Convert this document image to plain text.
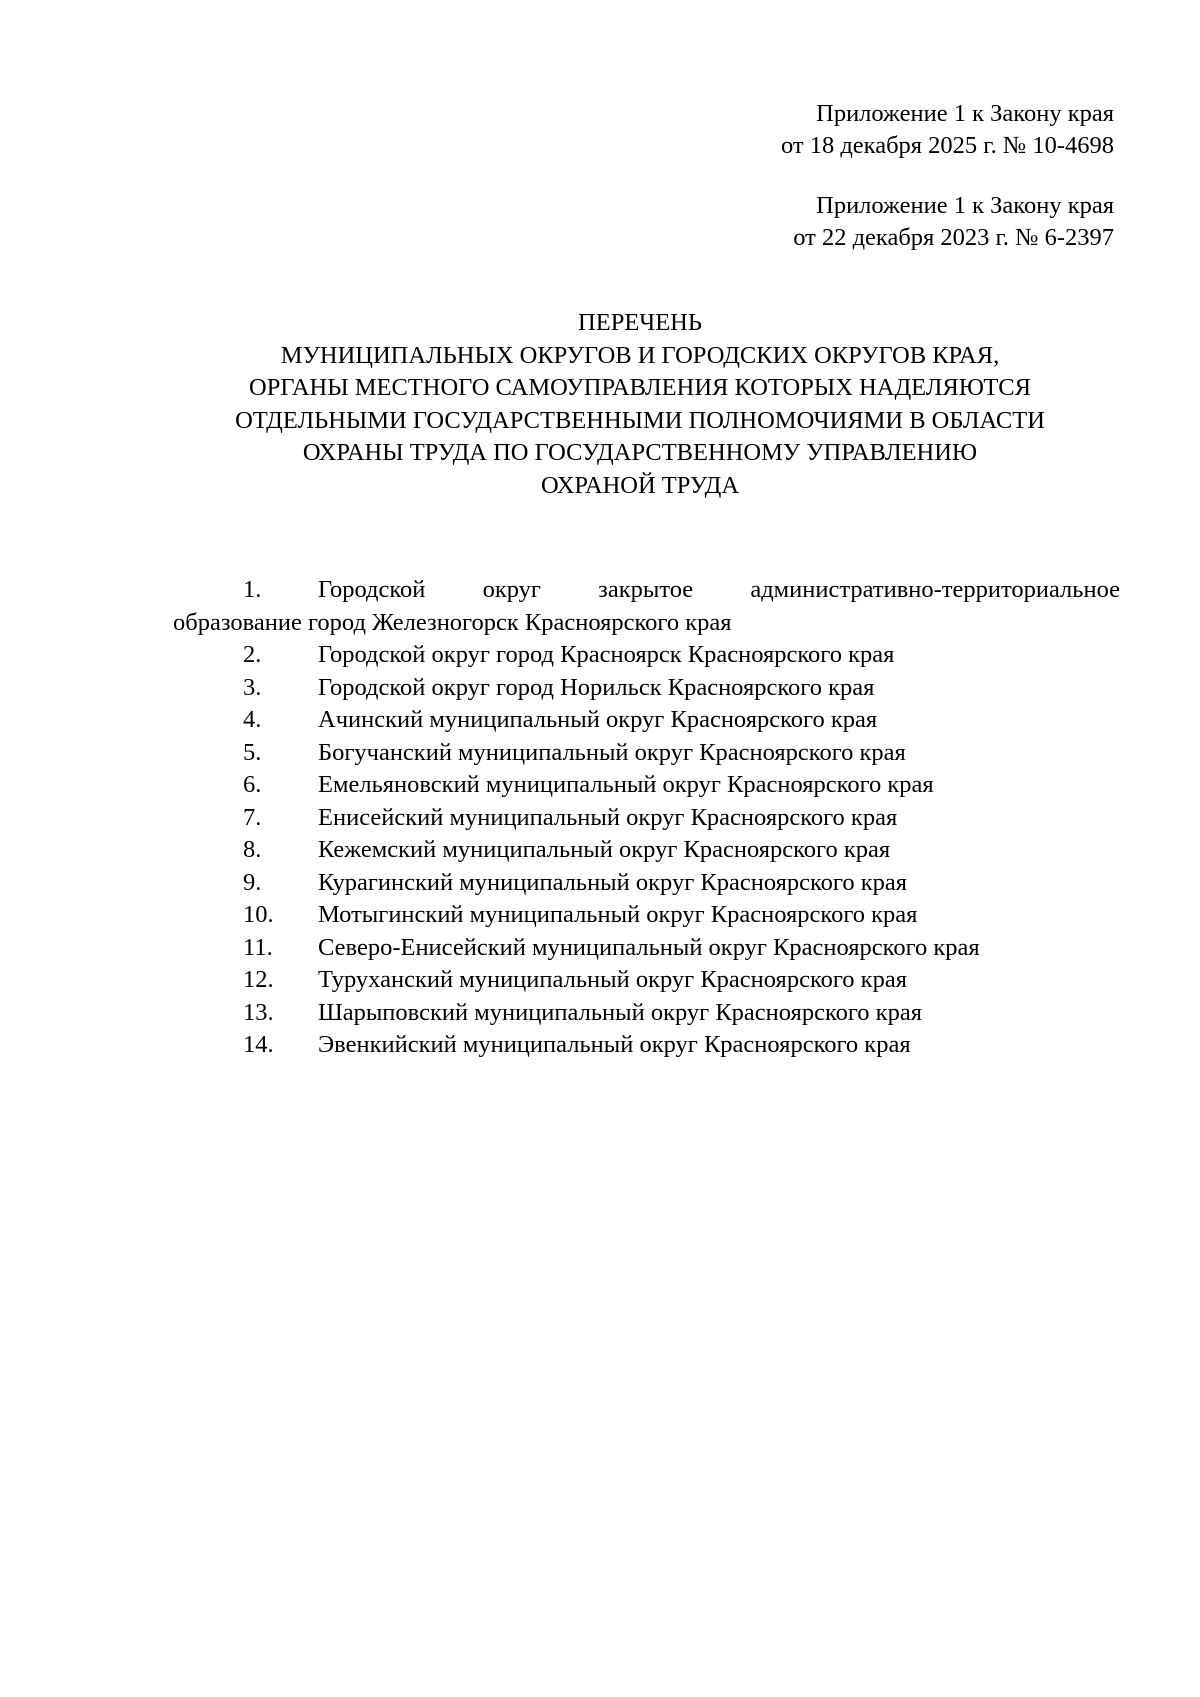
Приложение 1 к Закону края
от 18 декабря 2025 г. № 10-4698
Приложение 1 к Закону края
от 22 декабря 2023 г. № 6-2397
ПЕРЕЧЕНЬ
МУНИЦИПАЛЬНЫХ ОКРУГОВ И ГОРОДСКИХ ОКРУГОВ КРАЯ,
ОРГАНЫ МЕСТНОГО САМОУПРАВЛЕНИЯ КОТОРЫХ НАДЕЛЯЮТСЯ
ОТДЕЛЬНЫМИ ГОСУДАРСТВЕННЫМИ ПОЛНОМОЧИЯМИ В ОБЛАСТИ
ОХРАНЫ ТРУДА ПО ГОСУДАРСТВЕННОМУ УПРАВЛЕНИЮ
ОХРАНОЙ ТРУДА
1.	Городской округ закрытое административно-территориальное
образование город Железногорск Красноярского края
2.	Городской округ город Красноярск Красноярского края
3.	Городской округ город Норильск Красноярского края
4.	Ачинский муниципальный округ Красноярского края
5.	Богучанский муниципальный округ Красноярского края
6.	Емельяновский муниципальный округ Красноярского края
7.	Енисейский муниципальный округ Красноярского края
8.	Кежемский муниципальный округ Красноярского края
9.	Курагинский муниципальный округ Красноярского края
10.	Мотыгинский муниципальный округ Красноярского края
11.	Северо-Енисейский муниципальный округ Красноярского края
12.	Туруханский муниципальный округ Красноярского края
13.	Шарыповский муниципальный округ Красноярского края
14.	Эвенкийский муниципальный округ Красноярского края
